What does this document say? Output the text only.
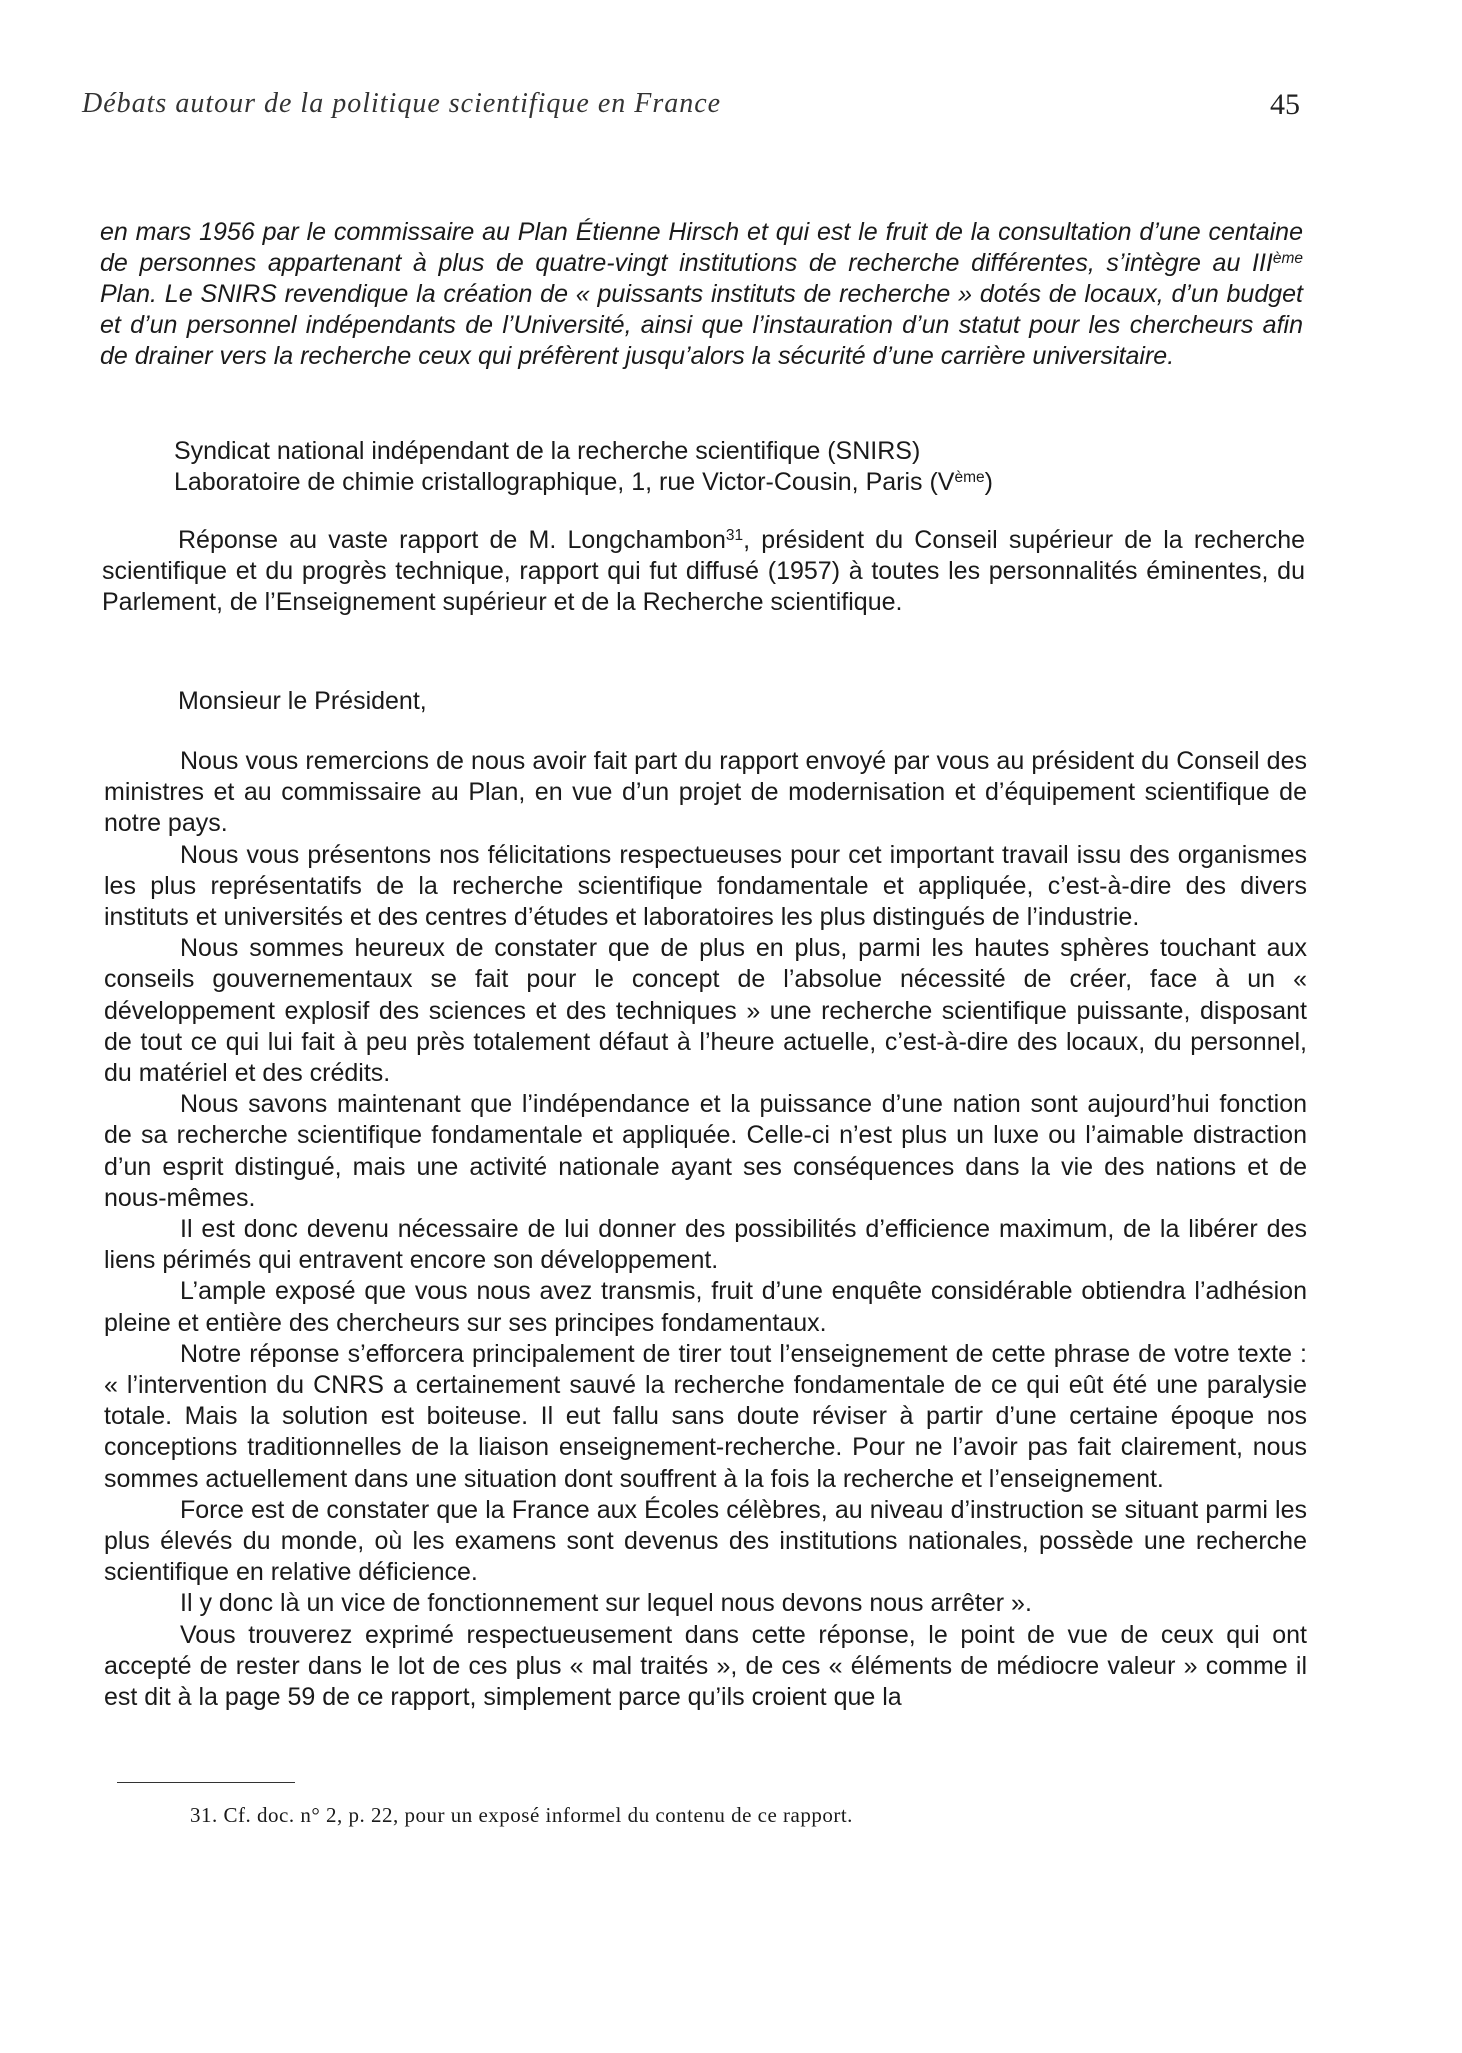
Débats autour de la politique scientifique en France	45

en mars 1956 par le commissaire au Plan Étienne Hirsch et qui est le fruit de la consultation d’une centaine de personnes appartenant à plus de quatre-vingt institutions de recherche différentes, s’intègre au IIIème Plan. Le SNIRS revendique la création de « puissants instituts de recherche » dotés de locaux, d’un budget et d’un personnel indépendants de l’Université, ainsi que l’instauration d’un statut pour les chercheurs afin de drainer vers la recherche ceux qui préfèrent jusqu’alors la sécurité d’une carrière universitaire.

Syndicat national indépendant de la recherche scientifique (SNIRS)
Laboratoire de chimie cristallographique, 1, rue Victor-Cousin, Paris (Vème)

Réponse au vaste rapport de M. Longchambon$^{31}$, président du Conseil supérieur de la recherche scientifique et du progrès technique, rapport qui fut diffusé (1957) à toutes les personnalités éminentes, du Parlement, de l’Enseignement supérieur et de la Recherche scientifique.

Monsieur le Président,

Nous vous remercions de nous avoir fait part du rapport envoyé par vous au président du Conseil des ministres et au commissaire au Plan, en vue d’un projet de modernisation et d’équipement scientifique de notre pays.

Nous vous présentons nos félicitations respectueuses pour cet important travail issu des organismes les plus représentatifs de la recherche scientifique fondamentale et appliquée, c’est-à-dire des divers instituts et universités et des centres d’études et laboratoires les plus distingués de l’industrie.

Nous sommes heureux de constater que de plus en plus, parmi les hautes sphères touchant aux conseils gouvernementaux se fait pour le concept de l’absolue nécessité de créer, face à un « développement explosif des sciences et des techniques » une recherche scientifique puissante, disposant de tout ce qui lui fait à peu près totalement défaut à l’heure actuelle, c’est-à-dire des locaux, du personnel, du matériel et des crédits.

Nous savons maintenant que l’indépendance et la puissance d’une nation sont aujourd’hui fonction de sa recherche scientifique fondamentale et appliquée. Celle-ci n’est plus un luxe ou l’aimable distraction d’un esprit distingué, mais une activité nationale ayant ses conséquences dans la vie des nations et de nous-mêmes.

Il est donc devenu nécessaire de lui donner des possibilités d’efficience maximum, de la libérer des liens périmés qui entravent encore son développement.

L’ample exposé que vous nous avez transmis, fruit d’une enquête considérable obtiendra l’adhésion pleine et entière des chercheurs sur ses principes fondamentaux.

Notre réponse s’efforcera principalement de tirer tout l’enseignement de cette phrase de votre texte : « l’intervention du CNRS a certainement sauvé la recherche fondamentale de ce qui eût été une paralysie totale. Mais la solution est boiteuse. Il eut fallu sans doute réviser à partir d’une certaine époque nos conceptions traditionnelles de la liaison enseignement-recherche. Pour ne l’avoir pas fait clairement, nous sommes actuellement dans une situation dont souffrent à la fois la recherche et l’enseignement.

Force est de constater que la France aux Écoles célèbres, au niveau d’instruction se situant parmi les plus élevés du monde, où les examens sont devenus des institutions nationales, possède une recherche scientifique en relative déficience.

Il y donc là un vice de fonctionnement sur lequel nous devons nous arrêter ».

Vous trouverez exprimé respectueusement dans cette réponse, le point de vue de ceux qui ont accepté de rester dans le lot de ces plus « mal traités », de ces « éléments de médiocre valeur » comme il est dit à la page 59 de ce rapport, simplement parce qu’ils croient que la

31. Cf. doc. n° 2, p. 22, pour un exposé informel du contenu de ce rapport.
